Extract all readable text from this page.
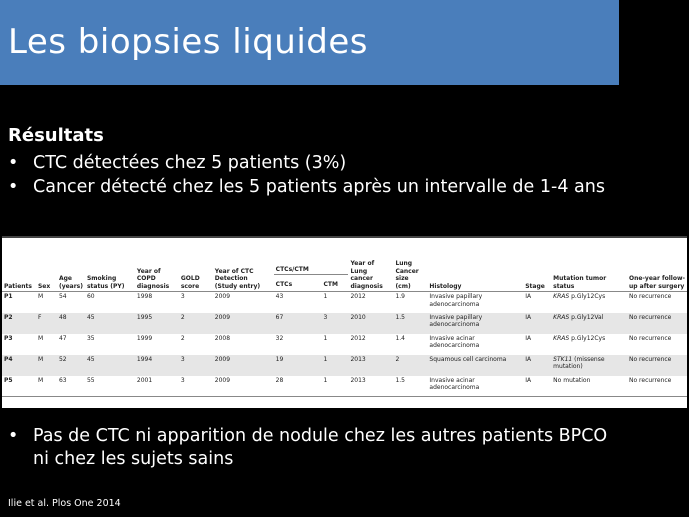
Les biopsies liquides
Résultats
• CTC détectées chez 5 patients (3%)
• Cancer détecté chez les 5 patients après un intervalle de 1-4 ans
Patients	Sex	Age (years)	Smoking status (PY)	Year of COPD diagnosis	GOLD score	Year of CTC Detection (Study entry)	CTCs/CTM		Year of Lung cancer diagnosis	Lung Cancer size (cm)	Histology	Stage	Mutation tumor status	One-year follow-up after surgery
							CTCs	CTM						
P1	M	54	60	1998	3	2009	43	1	2012	1.9	Invasive papillary adenocarcinoma	IA	KRAS p.Gly12Cys	No recurrence
P2	F	48	45	1995	2	2009	67	3	2010	1.5	Invasive papillary adenocarcinoma	IA	KRAS p.Gly12Val	No recurrence
P3	M	47	35	1999	2	2008	32	1	2012	1.4	Invasive acinar adenocarcinoma	IA	KRAS p.Gly12Cys	No recurrence
P4	M	52	45	1994	3	2009	19	1	2013	2	Squamous cell carcinoma	IA	STK11 (missense mutation)	No recurrence
P5	M	63	55	2001	3	2009	28	1	2013	1.5	Invasive acinar adenocarcinoma	IA	No mutation	No recurrence
• Pas de CTC ni apparition de nodule chez les autres patients BPCO ni chez les sujets sains
Ilie et al. Plos One 2014
